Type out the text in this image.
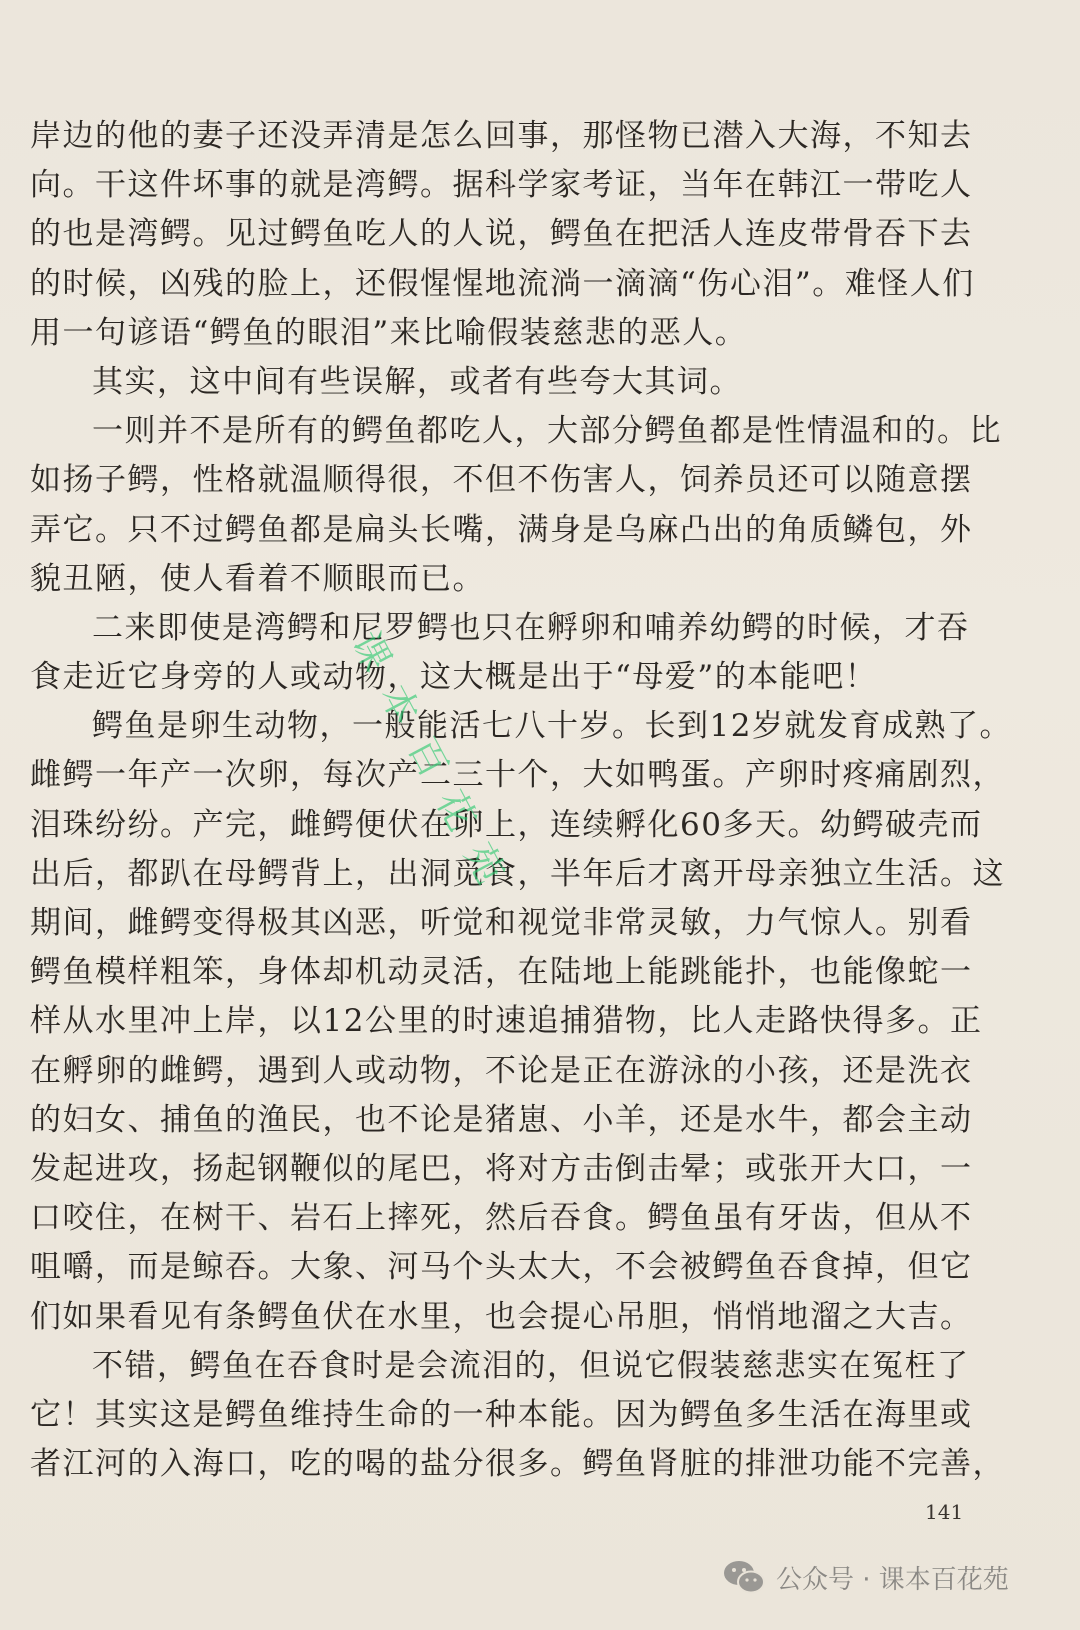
岸边的他的妻子还没弄清是怎么回事，那怪物已潜入大海，不知去
向。干这件坏事的就是湾鳄。据科学家考证，当年在韩江一带吃人
的也是湾鳄。见过鳄鱼吃人的人说，鳄鱼在把活人连皮带骨吞下去
的时候，凶残的脸上，还假惺惺地流淌一滴滴“伤心泪”。难怪人们
用一句谚语“鳄鱼的眼泪”来比喻假装慈悲的恶人。
其实，这中间有些误解，或者有些夸大其词。
一则并不是所有的鳄鱼都吃人，大部分鳄鱼都是性情温和的。比
如扬子鳄，性格就温顺得很，不但不伤害人，饲养员还可以随意摆
弄它。只不过鳄鱼都是扁头长嘴，满身是乌麻凸出的角质鳞包，外
貌丑陋，使人看着不顺眼而已。
二来即使是湾鳄和尼罗鳄也只在孵卵和哺养幼鳄的时候，才吞
食走近它身旁的人或动物，这大概是出于“母爱”的本能吧！
鳄鱼是卵生动物，一般能活七八十岁。长到12岁就发育成熟了。
雌鳄一年产一次卵，每次产二三十个，大如鸭蛋。产卵时疼痛剧烈，
泪珠纷纷。产完，雌鳄便伏在卵上，连续孵化60多天。幼鳄破壳而
出后，都趴在母鳄背上，出洞觅食，半年后才离开母亲独立生活。这
期间，雌鳄变得极其凶恶，听觉和视觉非常灵敏，力气惊人。别看
鳄鱼模样粗笨，身体却机动灵活，在陆地上能跳能扑，也能像蛇一
样从水里冲上岸，以12公里的时速追捕猎物，比人走路快得多。正
在孵卵的雌鳄，遇到人或动物，不论是正在游泳的小孩，还是洗衣
的妇女、捕鱼的渔民，也不论是猪崽、小羊，还是水牛，都会主动
发起进攻，扬起钢鞭似的尾巴，将对方击倒击晕；或张开大口，一
口咬住，在树干、岩石上摔死，然后吞食。鳄鱼虽有牙齿，但从不
咀嚼，而是鲸吞。大象、河马个头太大，不会被鳄鱼吞食掉，但它
们如果看见有条鳄鱼伏在水里，也会提心吊胆，悄悄地溜之大吉。
不错，鳄鱼在吞食时是会流泪的，但说它假装慈悲实在冤枉了
它！其实这是鳄鱼维持生命的一种本能。因为鳄鱼多生活在海里或
者江河的入海口，吃的喝的盐分很多。鳄鱼肾脏的排泄功能不完善，
课本百花苑
141
公众号 · 课本百花苑
